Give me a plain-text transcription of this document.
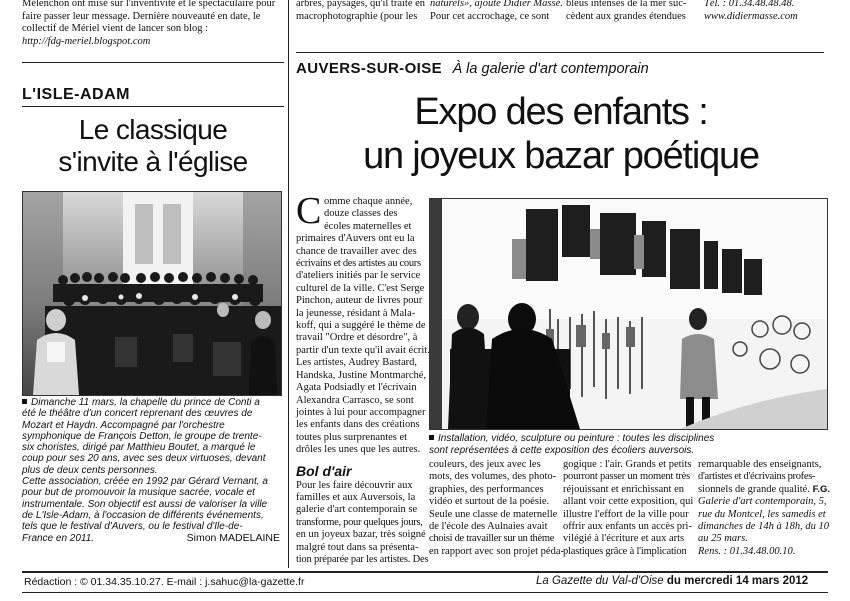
Mélenchon ont misé sur l'inventivité et le spectaculaire pour
faire passer leur message. Dernière nouveauté en date, le
collectif de Mériel vient de lancer son blog :
http://fdg-meriel.blogspot.com
arbres, paysages, qu'il traite en
macrophotographie (pour les
naturels», ajoute Didier Massé.
Pour cet accrochage, ce sont
bleus intenses de la mer suc-
cèdent aux grandes étendues
Tél. : 01.34.48.48.48.
www.didiermasse.com
L'ISLE-ADAM
Le classique
s'invite à l'église
Dimanche 11 mars, la chapelle du prince de Conti a
été le théâtre d'un concert reprenant des œuvres de
Mozart et Haydn. Accompagné par l'orchestre
symphonique de François Detton, le groupe de trente-
six choristes, dirigé par Matthieu Boutet, a marqué le
coup pour ses 20 ans, avec ses deux virtuoses, devant
plus de deux cents personnes.
Cette association, créée en 1992 par Gérard Vernant, a
pour but de promouvoir la musique sacrée, vocale et
instrumentale. Son objectif est aussi de valoriser la ville
de L'Isle-Adam, à l'occasion de différents événements,
tels que le festival d'Auvers, ou le festival d'Ile-de-
France en 2011.	Simon MADELAINE
AUVERS-SUR-OISE À la galerie d'art contemporain
Expo des enfants :
un joyeux bazar poétique
C omme chaque année,
douze classes des
écoles maternelles et
primaires d'Auvers ont eu la
chance de travailler avec des
écrivains et des artistes au cours
d'ateliers initiés par le service
culturel de la ville. C'est Serge
Pinchon, auteur de livres pour
la jeunesse, résidant à Mala-
koff, qui a suggéré le thème de
travail "Ordre et désordre", à
partir d'un texte qu'il avait écrit.
Les artistes, Audrey Bastard,
Handska, Justine Montmarché,
Agata Podsiadly et l'écrivain
Alexandra Carrasco, se sont
jointes à lui pour accompagner
les enfants dans des créations
toutes plus surprenantes et
drôles les unes que les autres.
Bol d'air
Pour les faire découvrir aux
familles et aux Auversois, la
galerie d'art contemporain se
transforme, pour quelques jours,
en un joyeux bazar, très soigné
malgré tout dans sa présenta-
tion préparée par les artistes. Des
Installation, vidéo, sculpture ou peinture : toutes les disciplines
sont représentées à cette exposition des écoliers auversois.
couleurs, des jeux avec les
mots, des volumes, des photo-
graphies, des performances
vidéo et surtout de la poésie.
Seule une classe de maternelle
de l'école des Aulnaies avait
choisi de travailler sur un thème
en rapport avec son projet péda-
gogique : l'air. Grands et petits
pourront passer un moment très
réjouissant et enrichissant en
allant voir cette exposition, qui
illustre l'effort de la ville pour
offrir aux enfants un accès pri-
vilégié à l'écriture et aux arts
plastiques grâce à l'implication
remarquable des enseignants,
d'artistes et d'écrivains profes-
sionnels de grande qualité. F.G.
Galerie d'art contemporain, 5,
rue du Montcel, les samedis et
dimanches de 14h à 18h, du 10
au 25 mars.
Rens. : 01.34.48.00.10.
Rédaction : © 01.34.35.10.27. E-mail : j.sahuc@la-gazette.fr	La Gazette du Val-d'Oise du mercredi 14 mars 2012
